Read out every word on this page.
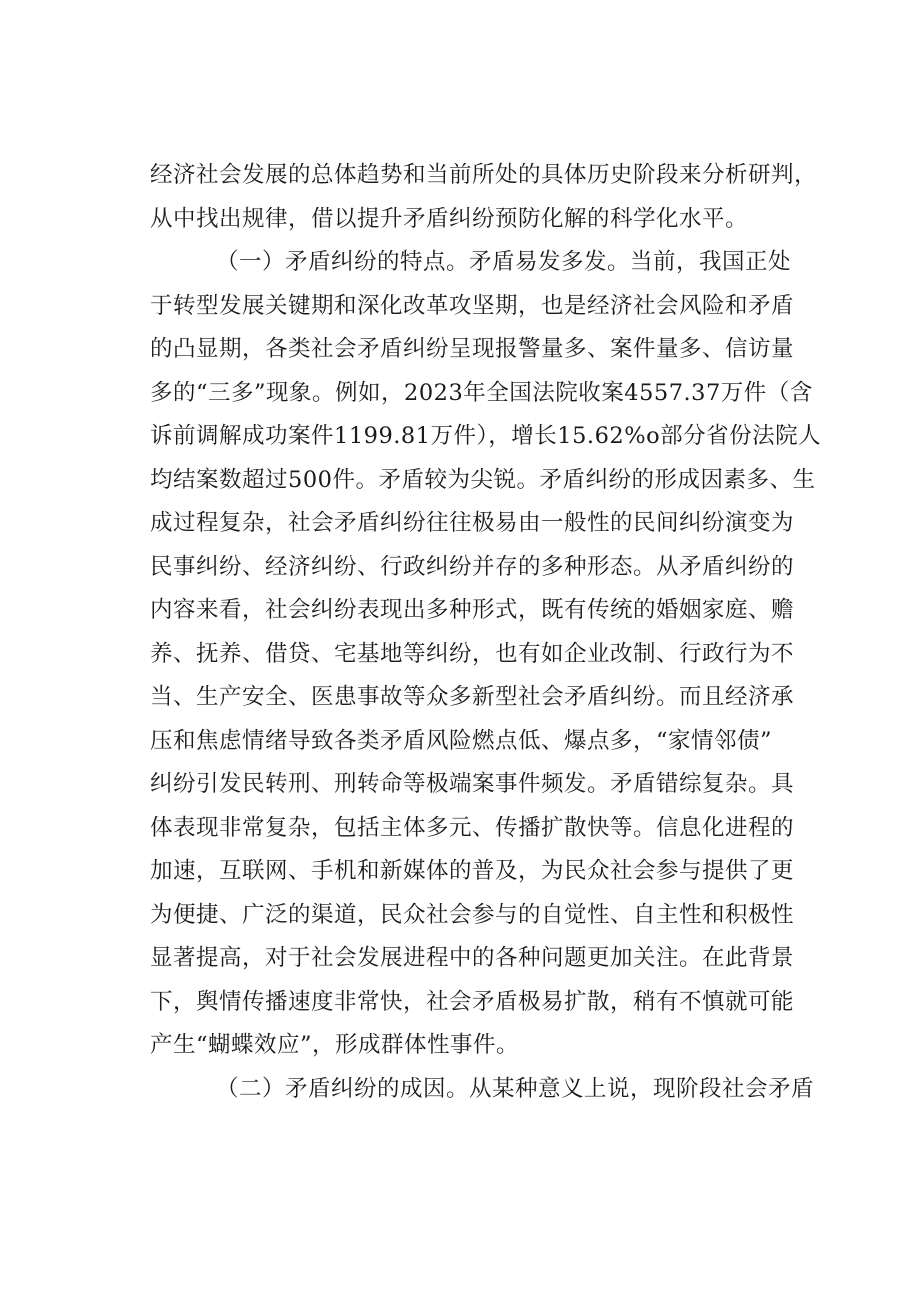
经济社会发展的总体趋势和当前所处的具体历史阶段来分析研判，
从中找出规律，借以提升矛盾纠纷预防化解的科学化水平。
（一）矛盾纠纷的特点。矛盾易发多发。当前，我国正处
于转型发展关键期和深化改革攻坚期，也是经济社会风险和矛盾
的凸显期，各类社会矛盾纠纷呈现报警量多、案件量多、信访量
多的“三多”现象。例如，2023年全国法院收案4557.37万件（含
诉前调解成功案件1199.81万件），增长15.62%o部分省份法院人
均结案数超过500件。矛盾较为尖锐。矛盾纠纷的形成因素多、生
成过程复杂，社会矛盾纠纷往往极易由一般性的民间纠纷演变为
民事纠纷、经济纠纷、行政纠纷并存的多种形态。从矛盾纠纷的
内容来看，社会纠纷表现出多种形式，既有传统的婚姻家庭、赡
养、抚养、借贷、宅基地等纠纷，也有如企业改制、行政行为不
当、生产安全、医患事故等众多新型社会矛盾纠纷。而且经济承
压和焦虑情绪导致各类矛盾风险燃点低、爆点多，“家情邻债”
纠纷引发民转刑、刑转命等极端案事件频发。矛盾错综复杂。具
体表现非常复杂，包括主体多元、传播扩散快等。信息化进程的
加速，互联网、手机和新媒体的普及，为民众社会参与提供了更
为便捷、广泛的渠道，民众社会参与的自觉性、自主性和积极性
显著提高，对于社会发展进程中的各种问题更加关注。在此背景
下，舆情传播速度非常快，社会矛盾极易扩散，稍有不慎就可能
产生“蝴蝶效应”，形成群体性事件。
（二）矛盾纠纷的成因。从某种意义上说，现阶段社会矛盾
